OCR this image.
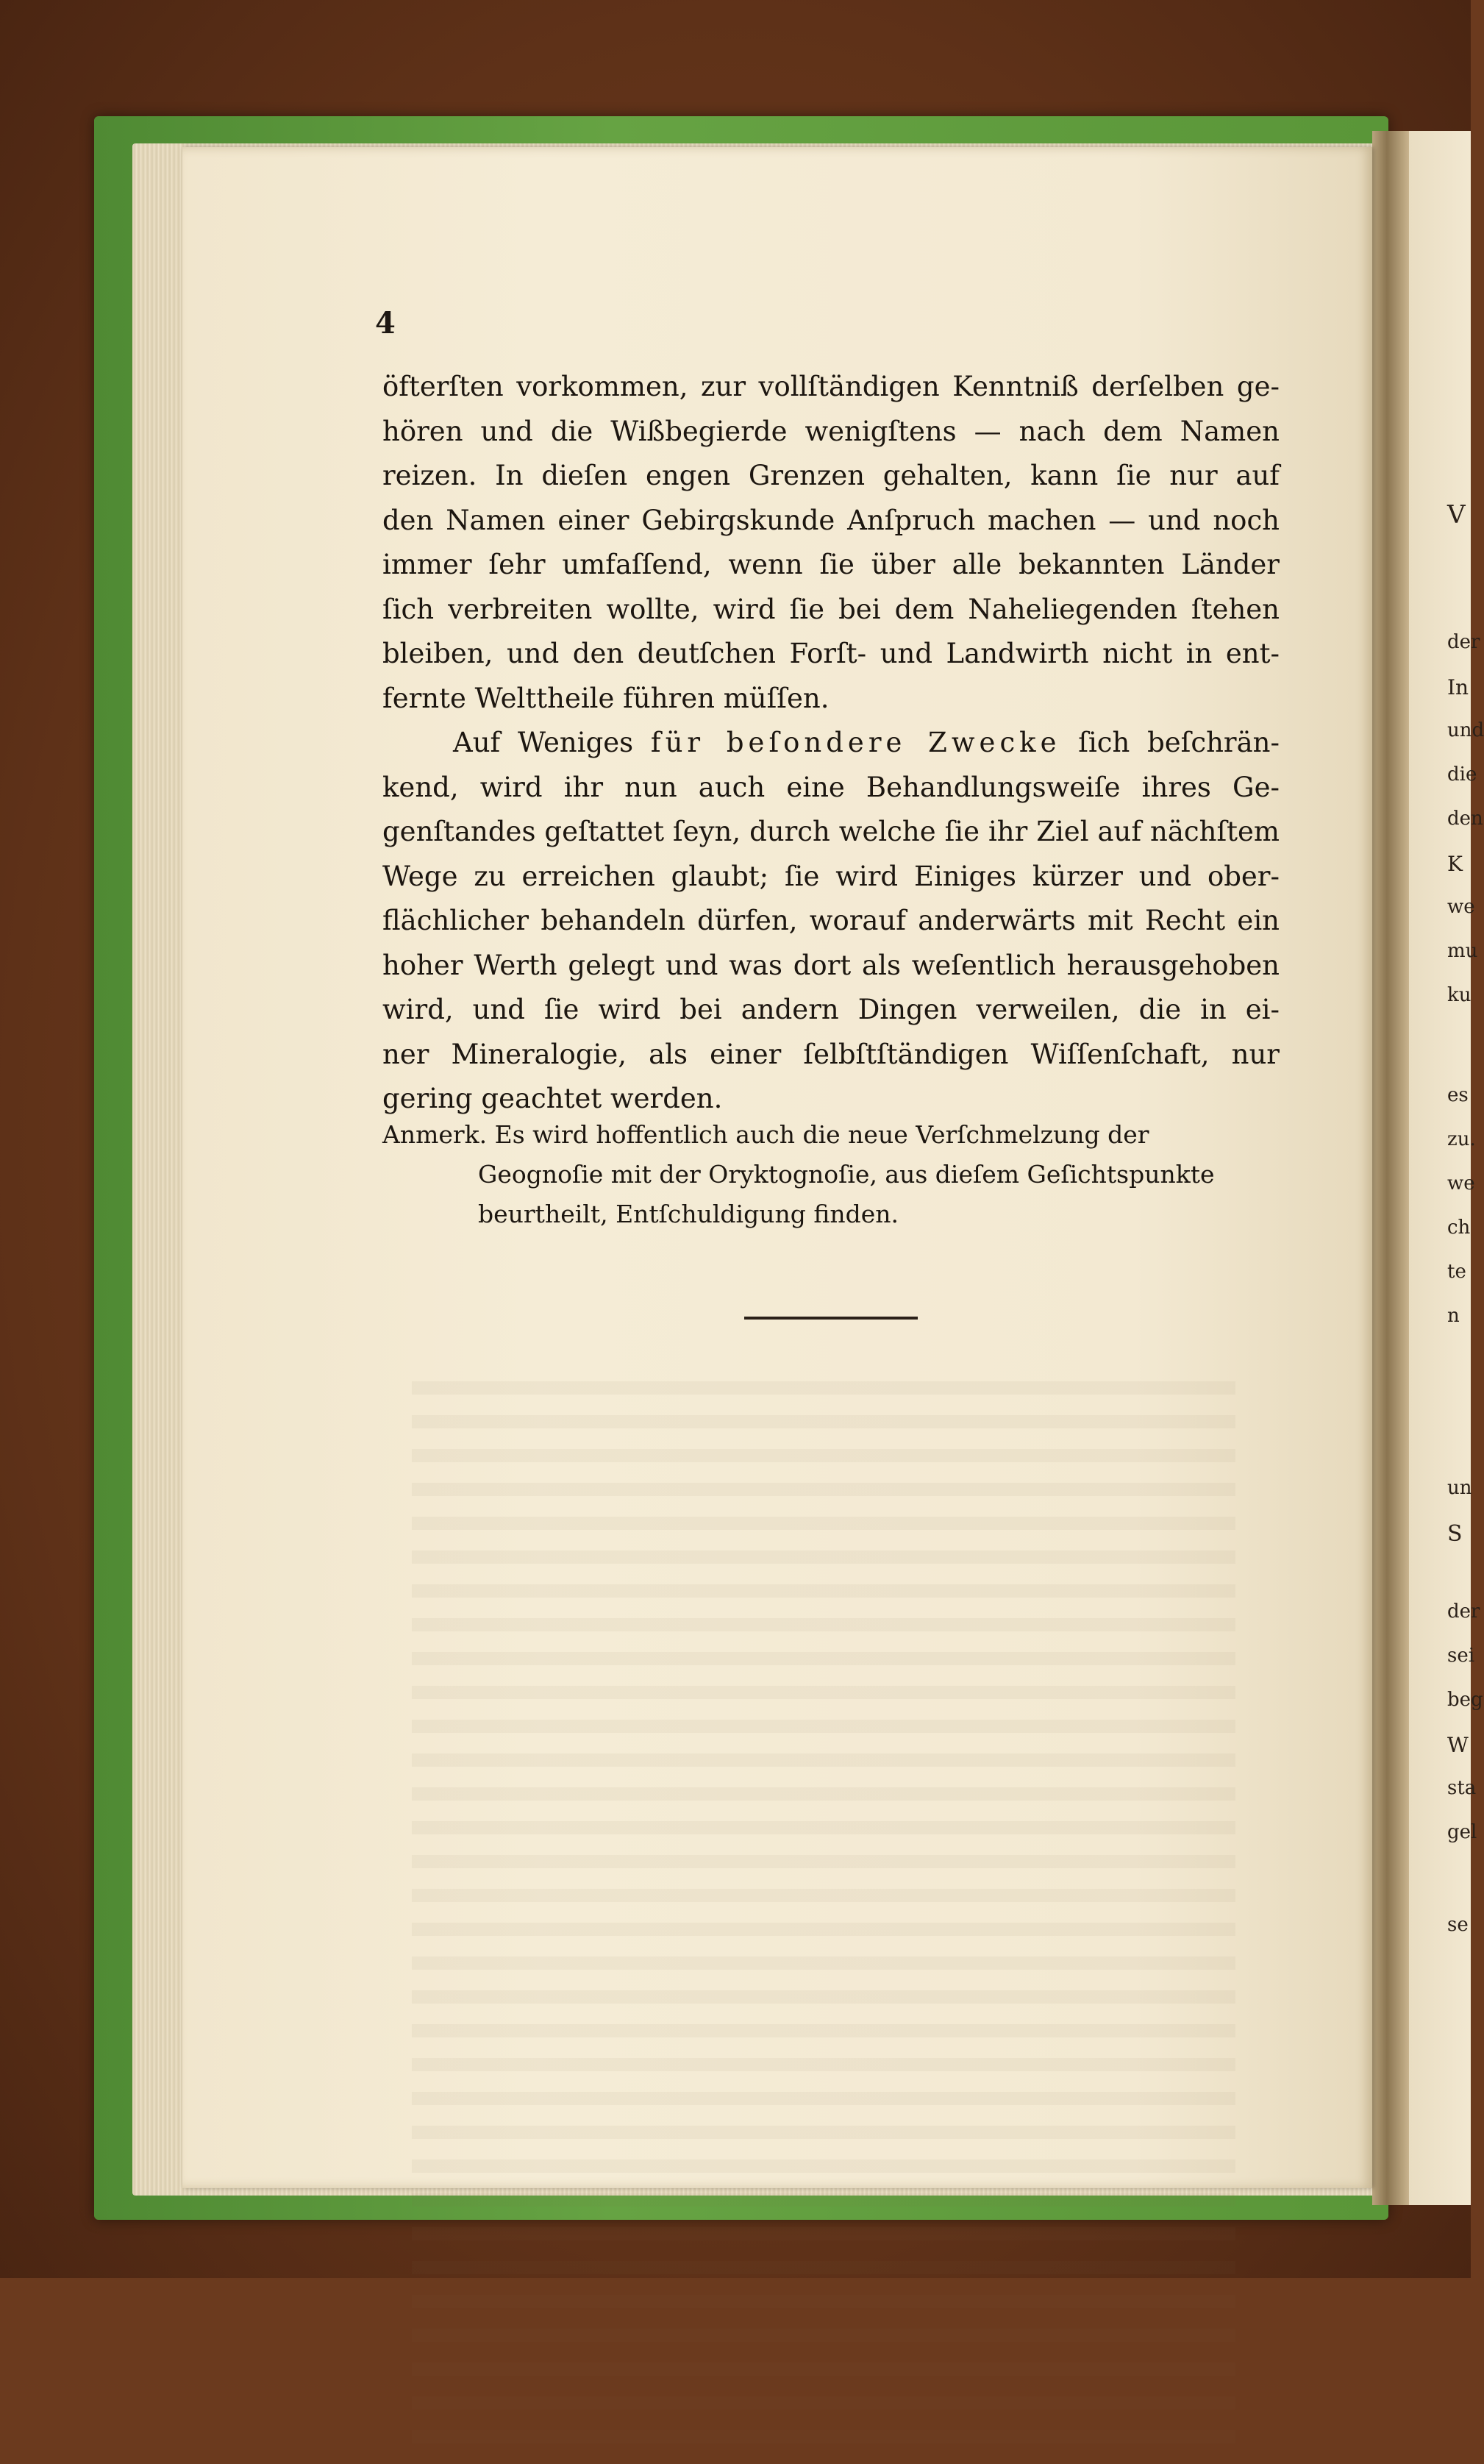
V
der
In
und
die
den
K
we
mu
ku
es
zu.
we
ch
te
n
un
S
der
sei
beg
W
sta
gel
se
4
öfterſten vorkommen, zur vollſtändigen Kenntniß derſelben ge-
hören und die Wißbegierde wenigſtens — nach dem Namen
reizen. In dieſen engen Grenzen gehalten, kann ſie nur auf
den Namen einer Gebirgskunde Anſpruch machen — und noch
immer ſehr umfaſſend, wenn ſie über alle bekannten Länder
ſich verbreiten wollte, wird ſie bei dem Naheliegenden ſtehen
bleiben, und den deutſchen Forſt- und Landwirth nicht in ent-
fernte Welttheile führen müſſen.
Auf Weniges für beſondere Zwecke ſich beſchrän-
kend, wird ihr nun auch eine Behandlungsweiſe ihres Ge-
genſtandes geſtattet ſeyn, durch welche ſie ihr Ziel auf nächſtem
Wege zu erreichen glaubt; ſie wird Einiges kürzer und ober-
flächlicher behandeln dürfen, worauf anderwärts mit Recht ein
hoher Werth gelegt und was dort als weſentlich herausgehoben
wird, und ſie wird bei andern Dingen verweilen, die in ei-
ner Mineralogie, als einer ſelbſtſtändigen Wiſſenſchaft, nur
gering geachtet werden.
Anmerk. Es wird hoffentlich auch die neue Verſchmelzung der
Geognoſie mit der Oryktognoſie, aus dieſem Geſichtspunkte
beurtheilt, Entſchuldigung finden.
